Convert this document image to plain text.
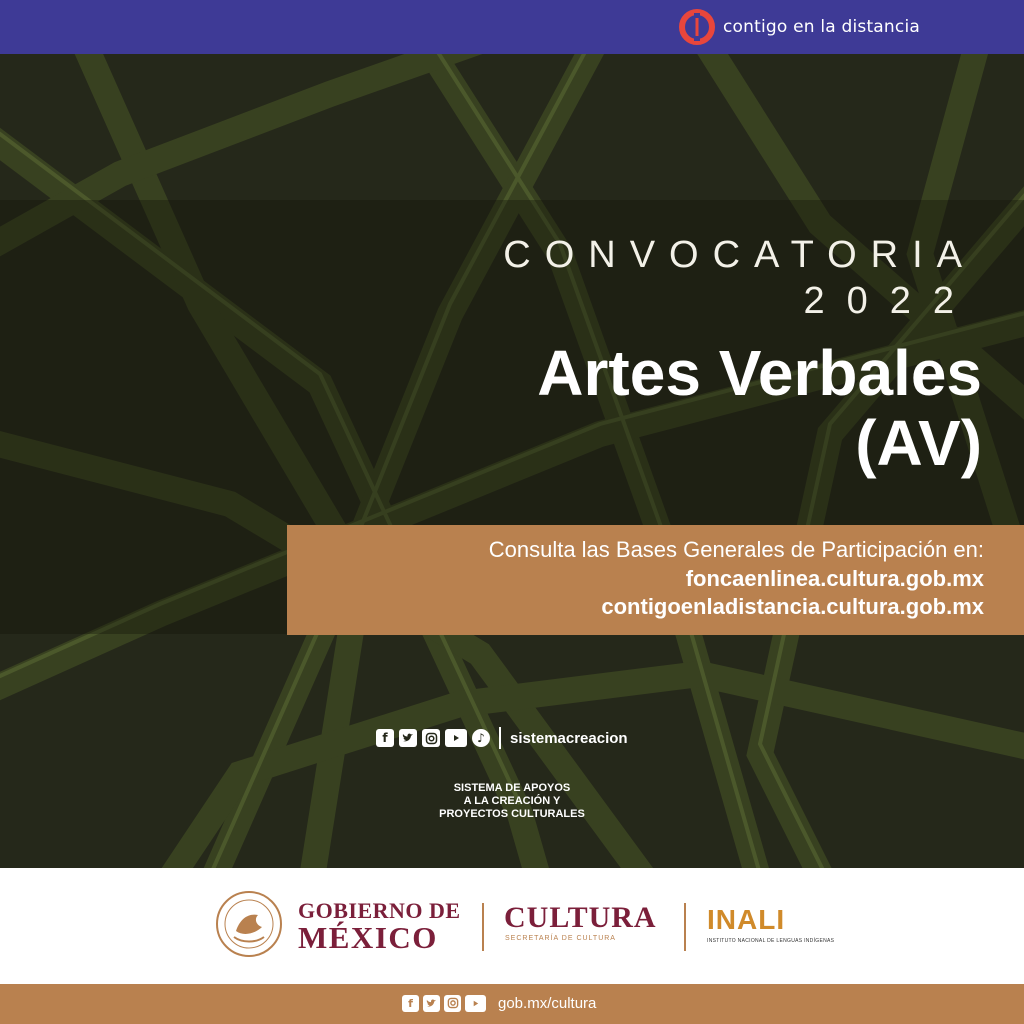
contigo en la distancia
CONVOCATORIA
2022
Artes Verbales
(AV)
Consulta las Bases Generales de Participación en:
foncaenlinea.cultura.gob.mx
contigoenladistancia.cultura.gob.mx
f	♪	sistemacreacion
SISTEMA DE APOYOS
A LA CREACIÓN Y
PROYECTOS CULTURALES
GOBIERNO DE
MÉXICO
CULTURA
SECRETARÍA DE CULTURA
INALI
INSTITUTO NACIONAL DE LENGUAS INDÍGENAS
f	gob.mx/cultura
